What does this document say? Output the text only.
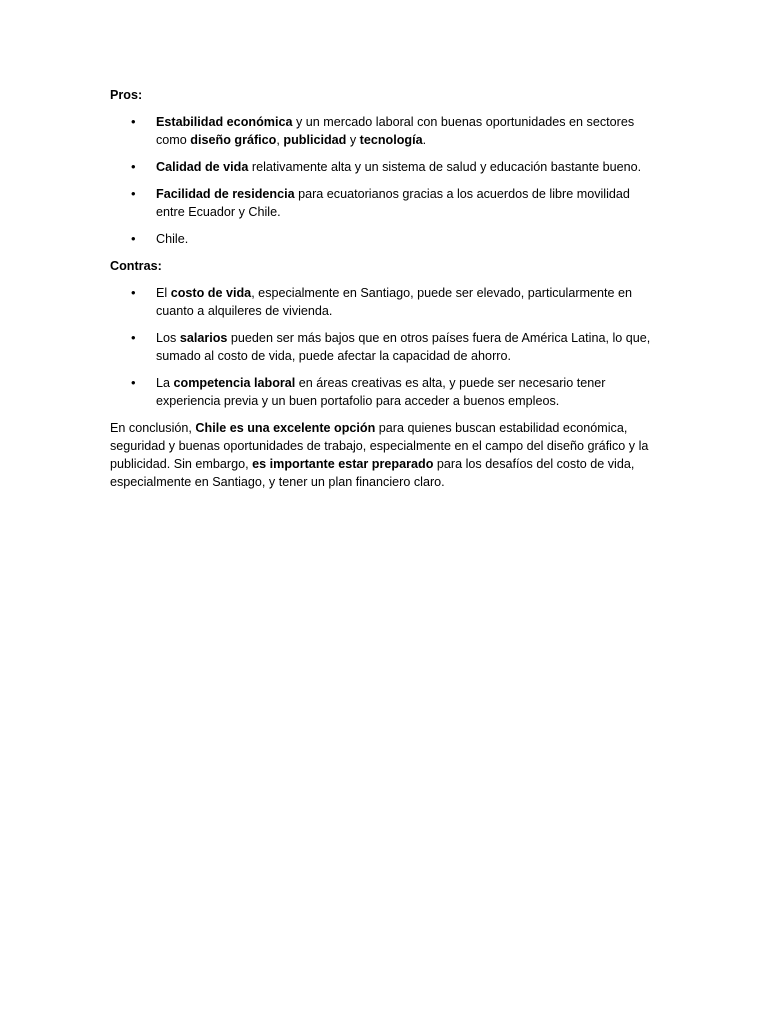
Pros:

• Estabilidad económica y un mercado laboral con buenas oportunidades en sectores como diseño gráfico, publicidad y tecnología.
• Calidad de vida relativamente alta y un sistema de salud y educación bastante bueno.
• Facilidad de residencia para ecuatorianos gracias a los acuerdos de libre movilidad entre Ecuador y Chile.
• Chile.

Contras:

• El costo de vida, especialmente en Santiago, puede ser elevado, particularmente en cuanto a alquileres de vivienda.
• Los salarios pueden ser más bajos que en otros países fuera de América Latina, lo que, sumado al costo de vida, puede afectar la capacidad de ahorro.
• La competencia laboral en áreas creativas es alta, y puede ser necesario tener experiencia previa y un buen portafolio para acceder a buenos empleos.

En conclusión, Chile es una excelente opción para quienes buscan estabilidad económica, seguridad y buenas oportunidades de trabajo, especialmente en el campo del diseño gráfico y la publicidad. Sin embargo, es importante estar preparado para los desafíos del costo de vida, especialmente en Santiago, y tener un plan financiero claro.
